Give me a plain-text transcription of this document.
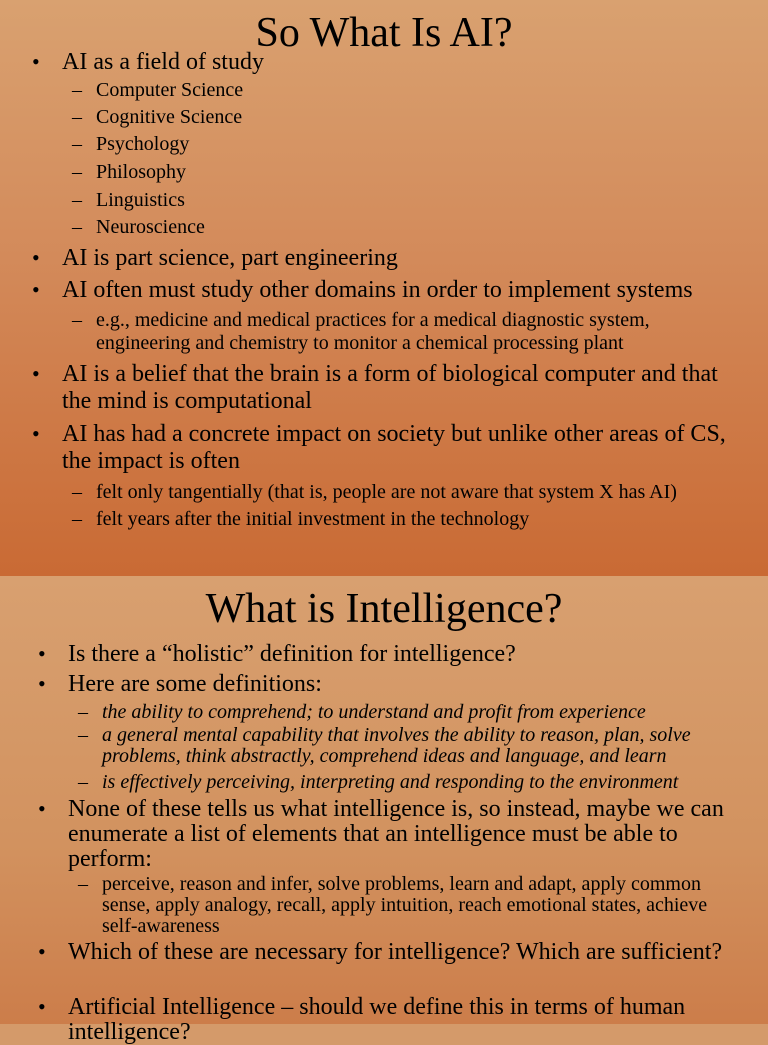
So What Is AI?
• AI as a field of study
– Computer Science
– Cognitive Science
– Psychology
– Philosophy
– Linguistics
– Neuroscience
• AI is part science, part engineering
• AI often must study other domains in order to implement systems
– e.g., medicine and medical practices for a medical diagnostic system, engineering and chemistry to monitor a chemical processing plant
• AI is a belief that the brain is a form of biological computer and that the mind is computational
• AI has had a concrete impact on society but unlike other areas of CS, the impact is often
– felt only tangentially (that is, people are not aware that system X has AI)
– felt years after the initial investment in the technology
What is Intelligence?
• Is there a “holistic” definition for intelligence?
• Here are some definitions:
– the ability to comprehend; to understand and profit from experience
– a general mental capability that involves the ability to reason, plan, solve problems, think abstractly, comprehend ideas and language, and learn
– is effectively perceiving, interpreting and responding to the environment
• None of these tells us what intelligence is, so instead, maybe we can enumerate a list of elements that an intelligence must be able to perform:
– perceive, reason and infer, solve problems, learn and adapt, apply common sense, apply analogy, recall, apply intuition, reach emotional states, achieve self-awareness
• Which of these are necessary for intelligence? Which are sufficient?
• Artificial Intelligence – should we define this in terms of human intelligence?
